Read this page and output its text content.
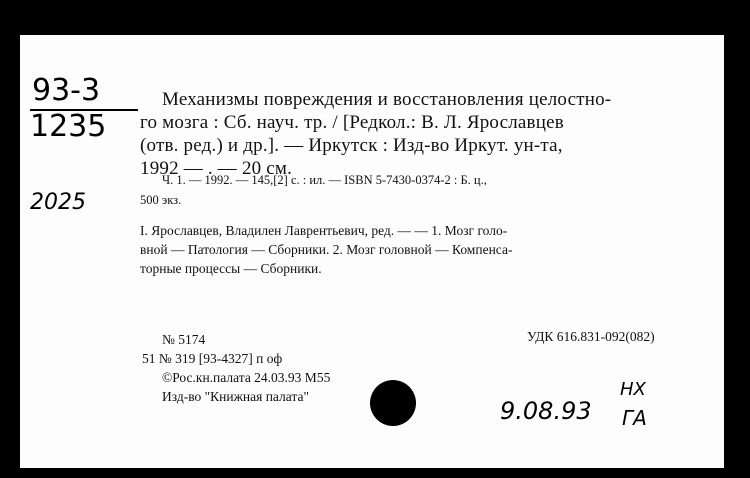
93-3
1235
2025
Механизмы повреждения и восстановления целостно-
го мозга : Сб. науч. тр. / [Редкол.: В. Л. Ярославцев
(отв. ред.) и др.]. — Иркутск : Изд-во Иркут. ун-та,
1992 — . — 20 см.
Ч. 1. — 1992. — 145,[2] с. : ил. — ISBN 5-7430-0374-2 : Б. ц.,
500 экз.
I. Ярославцев, Владилен Лаврентьевич, ред. — — 1. Мозг голо-
вной — Патология — Сборники. 2. Мозг головной — Компенса-
торные процессы — Сборники.
№ 5174	УДК 616.831-092(082)
51 № 319 [93-4327] п оф
©Рос.кн.палата 24.03.93 М55
Изд-во "Книжная палата"	HX
9.08.93 ГА
